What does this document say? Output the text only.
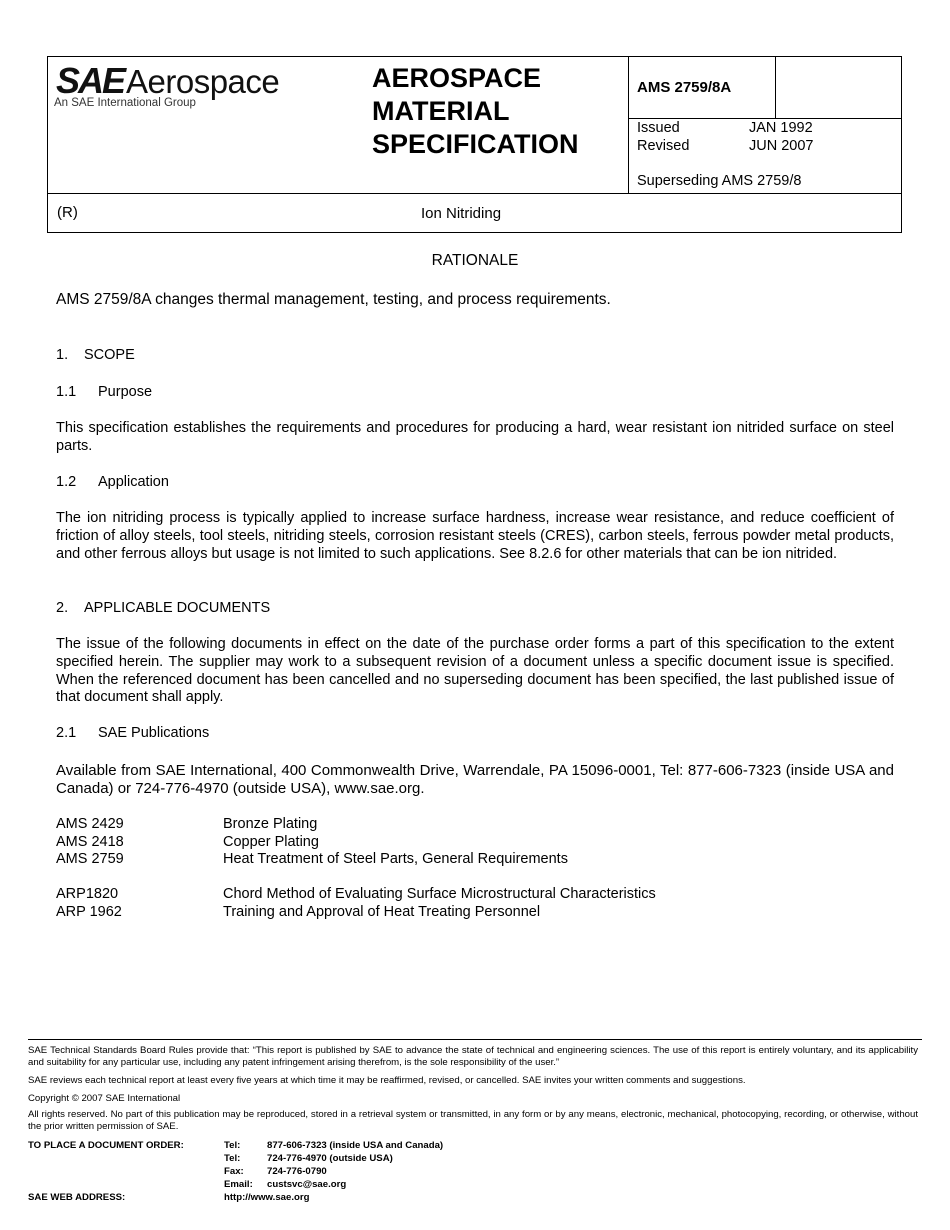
SAE Aerospace
An SAE International Group
AEROSPACE
MATERIAL
SPECIFICATION
AMS 2759/8A
Issued	JAN 1992
Revised	JUN 2007
Superseding AMS 2759/8
(R)	Ion Nitriding
RATIONALE
AMS 2759/8A changes thermal management, testing, and process requirements.
1. SCOPE
1.1 Purpose
This specification establishes the requirements and procedures for producing a hard, wear resistant ion nitrided surface on steel parts.
1.2 Application
The ion nitriding process is typically applied to increase surface hardness, increase wear resistance, and reduce coefficient of friction of alloy steels, tool steels, nitriding steels, corrosion resistant steels (CRES), carbon steels, ferrous powder metal products, and other ferrous alloys but usage is not limited to such applications. See 8.2.6 for other materials that can be ion nitrided.
2. APPLICABLE DOCUMENTS
The issue of the following documents in effect on the date of the purchase order forms a part of this specification to the extent specified herein. The supplier may work to a subsequent revision of a document unless a specific document issue is specified. When the referenced document has been cancelled and no superseding document has been specified, the last published issue of that document shall apply.
2.1 SAE Publications
Available from SAE International, 400 Commonwealth Drive, Warrendale, PA 15096-0001, Tel: 877-606-7323 (inside USA and Canada) or 724-776-4970 (outside USA), www.sae.org.
AMS 2429	Bronze Plating
AMS 2418	Copper Plating
AMS 2759	Heat Treatment of Steel Parts, General Requirements
ARP1820	Chord Method of Evaluating Surface Microstructural Characteristics
ARP 1962	Training and Approval of Heat Treating Personnel
SAE Technical Standards Board Rules provide that: “This report is published by SAE to advance the state of technical and engineering sciences. The use of this report is entirely voluntary, and its applicability and suitability for any particular use, including any patent infringement arising therefrom, is the sole responsibility of the user.”
SAE reviews each technical report at least every five years at which time it may be reaffirmed, revised, or cancelled. SAE invites your written comments and suggestions.
Copyright © 2007 SAE International
All rights reserved. No part of this publication may be reproduced, stored in a retrieval system or transmitted, in any form or by any means, electronic, mechanical, photocopying, recording, or otherwise, without the prior written permission of SAE.
TO PLACE A DOCUMENT ORDER:	Tel:	877-606-7323 (inside USA and Canada)
Tel:	724-776-4970 (outside USA)
Fax:	724-776-0790
Email:	custsvc@sae.org
SAE WEB ADDRESS:	http://www.sae.org
